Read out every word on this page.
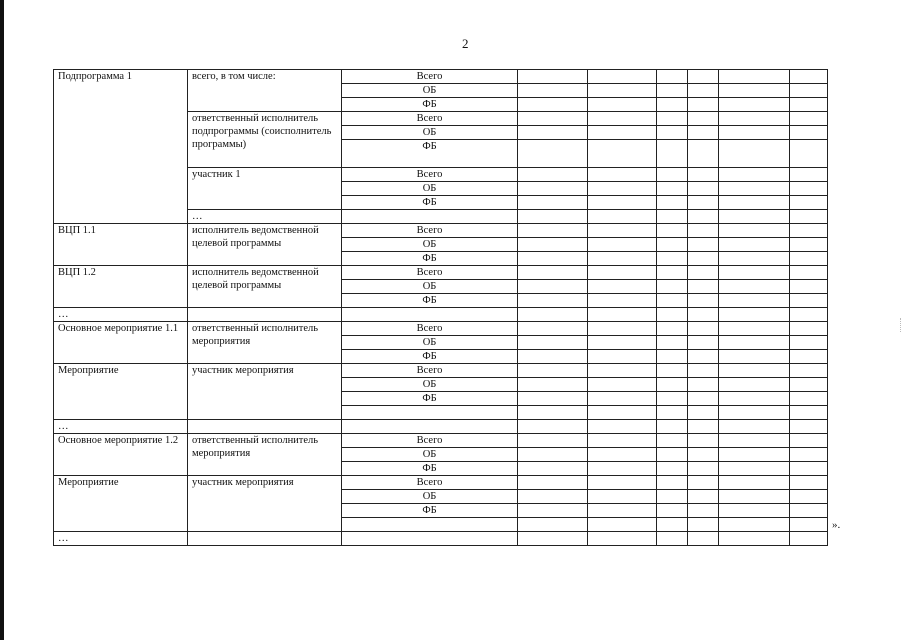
2
Подпрограмма 1	всего, в том числе:	Всего						
		ОБ						
		ФБ						
	ответственный исполнитель подпрограммы (соисполнитель программы)	Всего						
		ОБ						
		ФБ						
	участник 1	Всего						
		ОБ						
		ФБ						
	…							
ВЦП 1.1	исполнитель ведомственной целевой программы	Всего						
		ОБ						
		ФБ						
ВЦП 1.2	исполнитель ведомственной целевой программы	Всего						
		ОБ						
		ФБ						
…								
Основное мероприятие 1.1	ответственный исполнитель мероприятия	Всего						
		ОБ						
		ФБ						
Мероприятие	участник мероприятия	Всего						
		ОБ						
		ФБ						

…								
Основное мероприятие 1.2	ответственный исполнитель мероприятия	Всего						
		ОБ						
		ФБ						
Мероприятие	участник мероприятия	Всего						
		ОБ						
		ФБ						

…								
».
